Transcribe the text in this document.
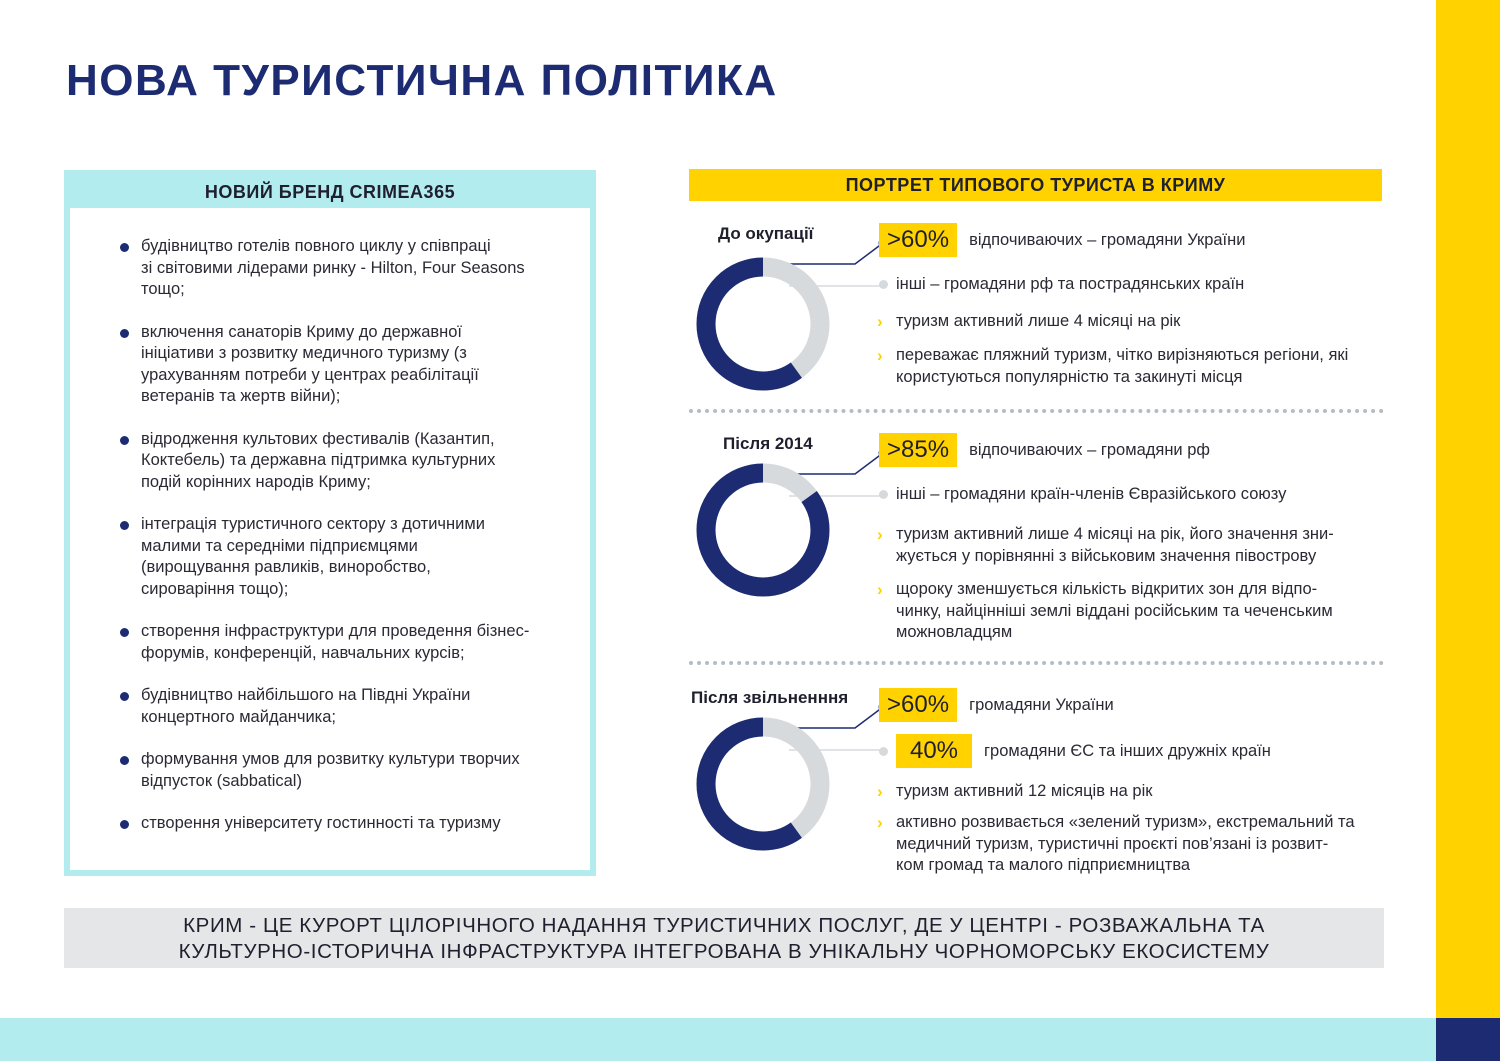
НОВА ТУРИСТИЧНА ПОЛІТИКА
НОВИЙ БРЕНД CRIMEA365
будівництво готелів повного циклу у співпраці
зі світовими лідерами ринку - Hilton, Four Seasons
тощо;
включення санаторів Криму до державної
ініціативи з розвитку медичного туризму (з
урахуванням потреби у центрах реабілітації
ветеранів та жертв війни);
відродження культових фестивалів (Казантип,
Коктебель) та державна підтримка культурних
подій корінних народів Криму;
інтеграція туристичного сектору з дотичними
малими та середніми підприємцями
(вирощування равликів, виноробство,
сироваріння тощо);
створення інфраструктури для проведення бізнес-
форумів, конференцій, навчальних курсів;
будівництво найбільшого на Півдні України
концертного майданчика;
формування умов для розвитку культури творчих
відпусток (sabbatical)
створення університету гостинності та туризму
ПОРТРЕТ ТИПОВОГО ТУРИСТА В КРИМУ
До окупації	>60%	відпочиваючих – громадяни України
інші – громадяни рф та пострадянських країн
› туризм активний лише 4 місяці на рік
› переважає пляжний туризм, чітко вирізняються регіони, які
користуються популярністю та закинуті місця
Після 2014	>85%	відпочиваючих – громадяни рф
інші – громадяни країн-членів Євразійського союзу
› туризм активний лише 4 місяці на рік, його значення зни-
жується у порівнянні з військовим значення півострову
› щороку зменшується кількість відкритих зон для відпо-
чинку, найцінніші землі віддані російським та чеченським
можновладцям
Після звільненння	>60%	громадяни України
40%	громадяни ЄС та інших дружніх країн
› туризм активний 12 місяців на рік
› активно розвивається «зелений туризм», екстремальний та
медичний туризм, туристичні проєкті пов’язані із розвит-
ком громад та малого підприємництва
КРИМ - ЦЕ КУРОРТ ЦІЛОРІЧНОГО НАДАННЯ ТУРИСТИЧНИХ ПОСЛУГ, ДЕ У ЦЕНТРІ - РОЗВАЖАЛЬНА ТА
КУЛЬТУРНО-ІСТОРИЧНА ІНФРАСТРУКТУРА ІНТЕГРОВАНА В УНІКАЛЬНУ ЧОРНОМОРСЬКУ ЕКОСИСТЕМУ
